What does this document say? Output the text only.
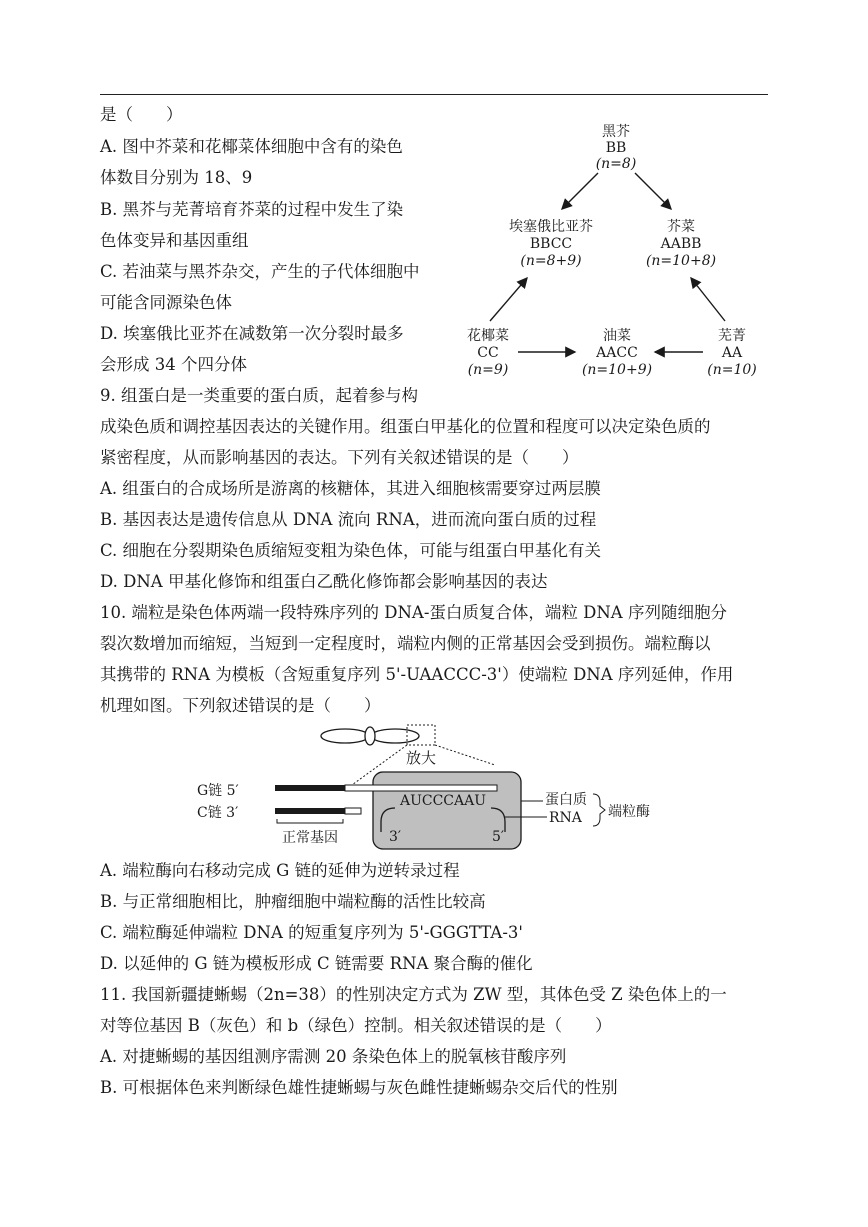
是（　　）
A. 图中芥菜和花椰菜体细胞中含有的染色
体数目分别为 18、9
B. 黑芥与芜菁培育芥菜的过程中发生了染
色体变异和基因重组
C. 若油菜与黑芥杂交，产生的子代体细胞中
可能含同源染色体
D. 埃塞俄比亚芥在减数第一次分裂时最多
会形成 34 个四分体
黑芥
BB
(n=8)
埃塞俄比亚芥
BBCC
(n=8+9)
芥菜
AABB
(n=10+8)
花椰菜
CC
(n=9)
油菜
AACC
(n=10+9)
芜菁
AA
(n=10)
9. 组蛋白是一类重要的蛋白质，起着参与构
成染色质和调控基因表达的关键作用。组蛋白甲基化的位置和程度可以决定染色质的
紧密程度，从而影响基因的表达。下列有关叙述错误的是（　　）
A. 组蛋白的合成场所是游离的核糖体，其进入细胞核需要穿过两层膜
B. 基因表达是遗传信息从 DNA 流向 RNA，进而流向蛋白质的过程
C. 细胞在分裂期染色质缩短变粗为染色体，可能与组蛋白甲基化有关
D. DNA 甲基化修饰和组蛋白乙酰化修饰都会影响基因的表达
10. 端粒是染色体两端一段特殊序列的 DNA-蛋白质复合体，端粒 DNA 序列随细胞分
裂次数增加而缩短，当短到一定程度时，端粒内侧的正常基因会受到损伤。端粒酶以
其携带的 RNA 为模板（含短重复序列 5'-UAACCC-3'）使端粒 DNA 序列延伸，作用
机理如图。下列叙述错误的是（　　）
放大
G链 5′
C链 3′
正常基因
AUCCCAAU
3′	5′
蛋白质
RNA 端粒酶
A. 端粒酶向右移动完成 G 链的延伸为逆转录过程
B. 与正常细胞相比，肿瘤细胞中端粒酶的活性比较高
C. 端粒酶延伸端粒 DNA 的短重复序列为 5'-GGGTTA-3'
D. 以延伸的 G 链为模板形成 C 链需要 RNA 聚合酶的催化
11. 我国新疆捷蜥蜴（2n=38）的性别决定方式为 ZW 型，其体色受 Z 染色体上的一
对等位基因 B（灰色）和 b（绿色）控制。相关叙述错误的是（　　）
A. 对捷蜥蜴的基因组测序需测 20 条染色体上的脱氧核苷酸序列
B. 可根据体色来判断绿色雄性捷蜥蜴与灰色雌性捷蜥蜴杂交后代的性别
